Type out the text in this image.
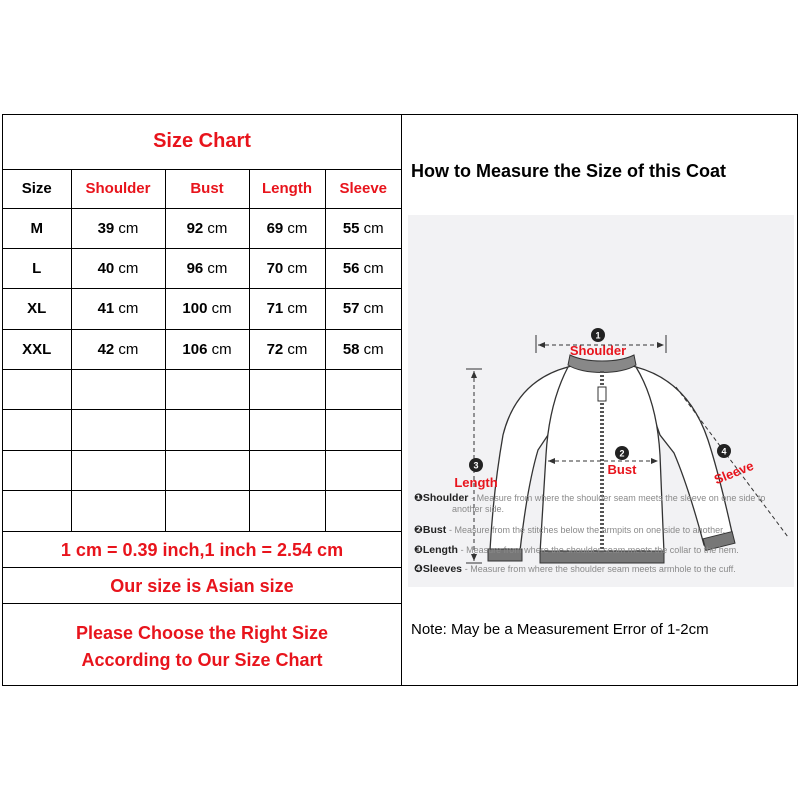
Size Chart				
Size	Shoulder	Bust	Length	Sleeve
M	39 cm	92 cm	69 cm	55 cm
L	40 cm	96 cm	70 cm	56 cm
XL	41 cm	100 cm	71 cm	57 cm
XXL	42 cm	106 cm	72 cm	58 cm

1 cm = 0.39 inch,1 inch = 2.54 cm
Our size is Asian size
Please Choose the Right Size
According to Our Size Chart
How to Measure the Size of this Coat
1
2
3
4
Shoulder
Bust
Length	Sleeve
❶Shoulder - Measure from where the shoulder seam meets the sleeve on one side to
another side.
❷Bust - Measure from the stitches below the armpits on one side to another.
❸Length - Measure from where the shoulder seam meets the collar to the hem.
❹Sleeves - Measure from where the shoulder seam meets armhole to the cuff.
Note: May be a Measurement Error of 1-2cm
